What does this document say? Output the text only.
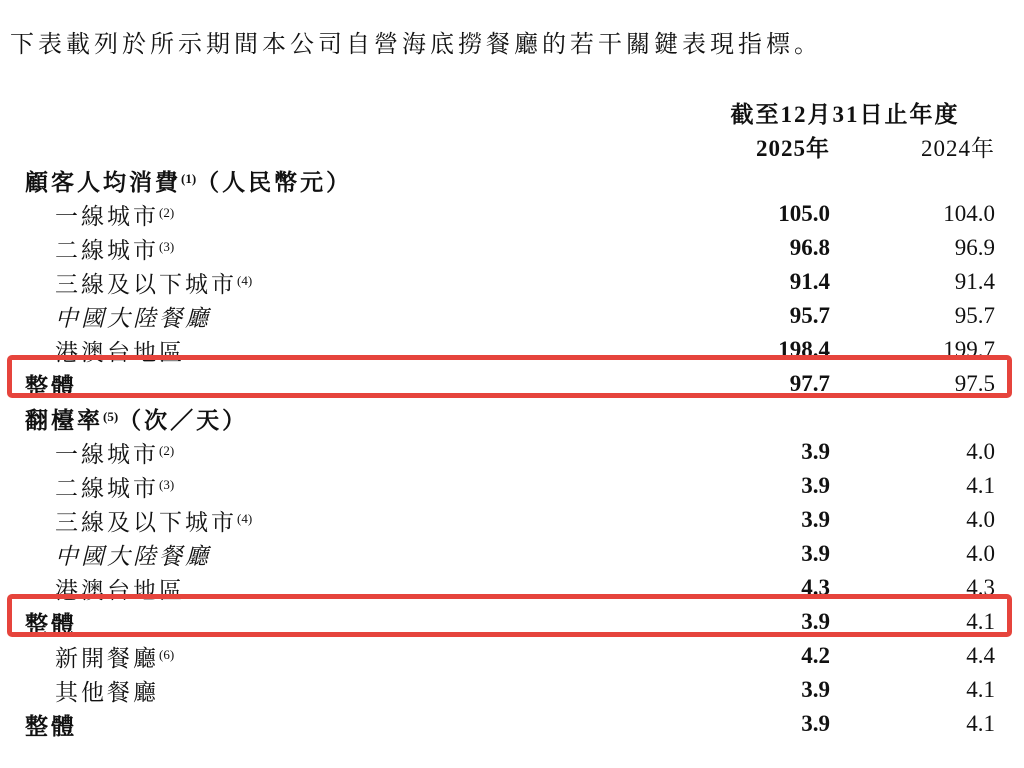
下表載列於所示期間本公司自營海底撈餐廳的若干關鍵表現指標。

截至12月31日止年度
2025年	2024年
顧客人均消費$^{(1)}$（人民幣元）
一線城市$^{(2)}$	105.0	104.0
二線城市$^{(3)}$	96.8	96.9
三線及以下城市$^{(4)}$	91.4	91.4
中國大陸餐廳	95.7	95.7
港澳台地區	198.4	199.7
整體	97.7	97.5
翻檯率$^{(5)}$（次／天）
一線城市$^{(2)}$	3.9	4.0
二線城市$^{(3)}$	3.9	4.1
三線及以下城市$^{(4)}$	3.9	4.0
中國大陸餐廳	3.9	4.0
港澳台地區	4.3	4.3
整體	3.9	4.1
新開餐廳$^{(6)}$	4.2	4.4
其他餐廳	3.9	4.1
整體	3.9	4.1
